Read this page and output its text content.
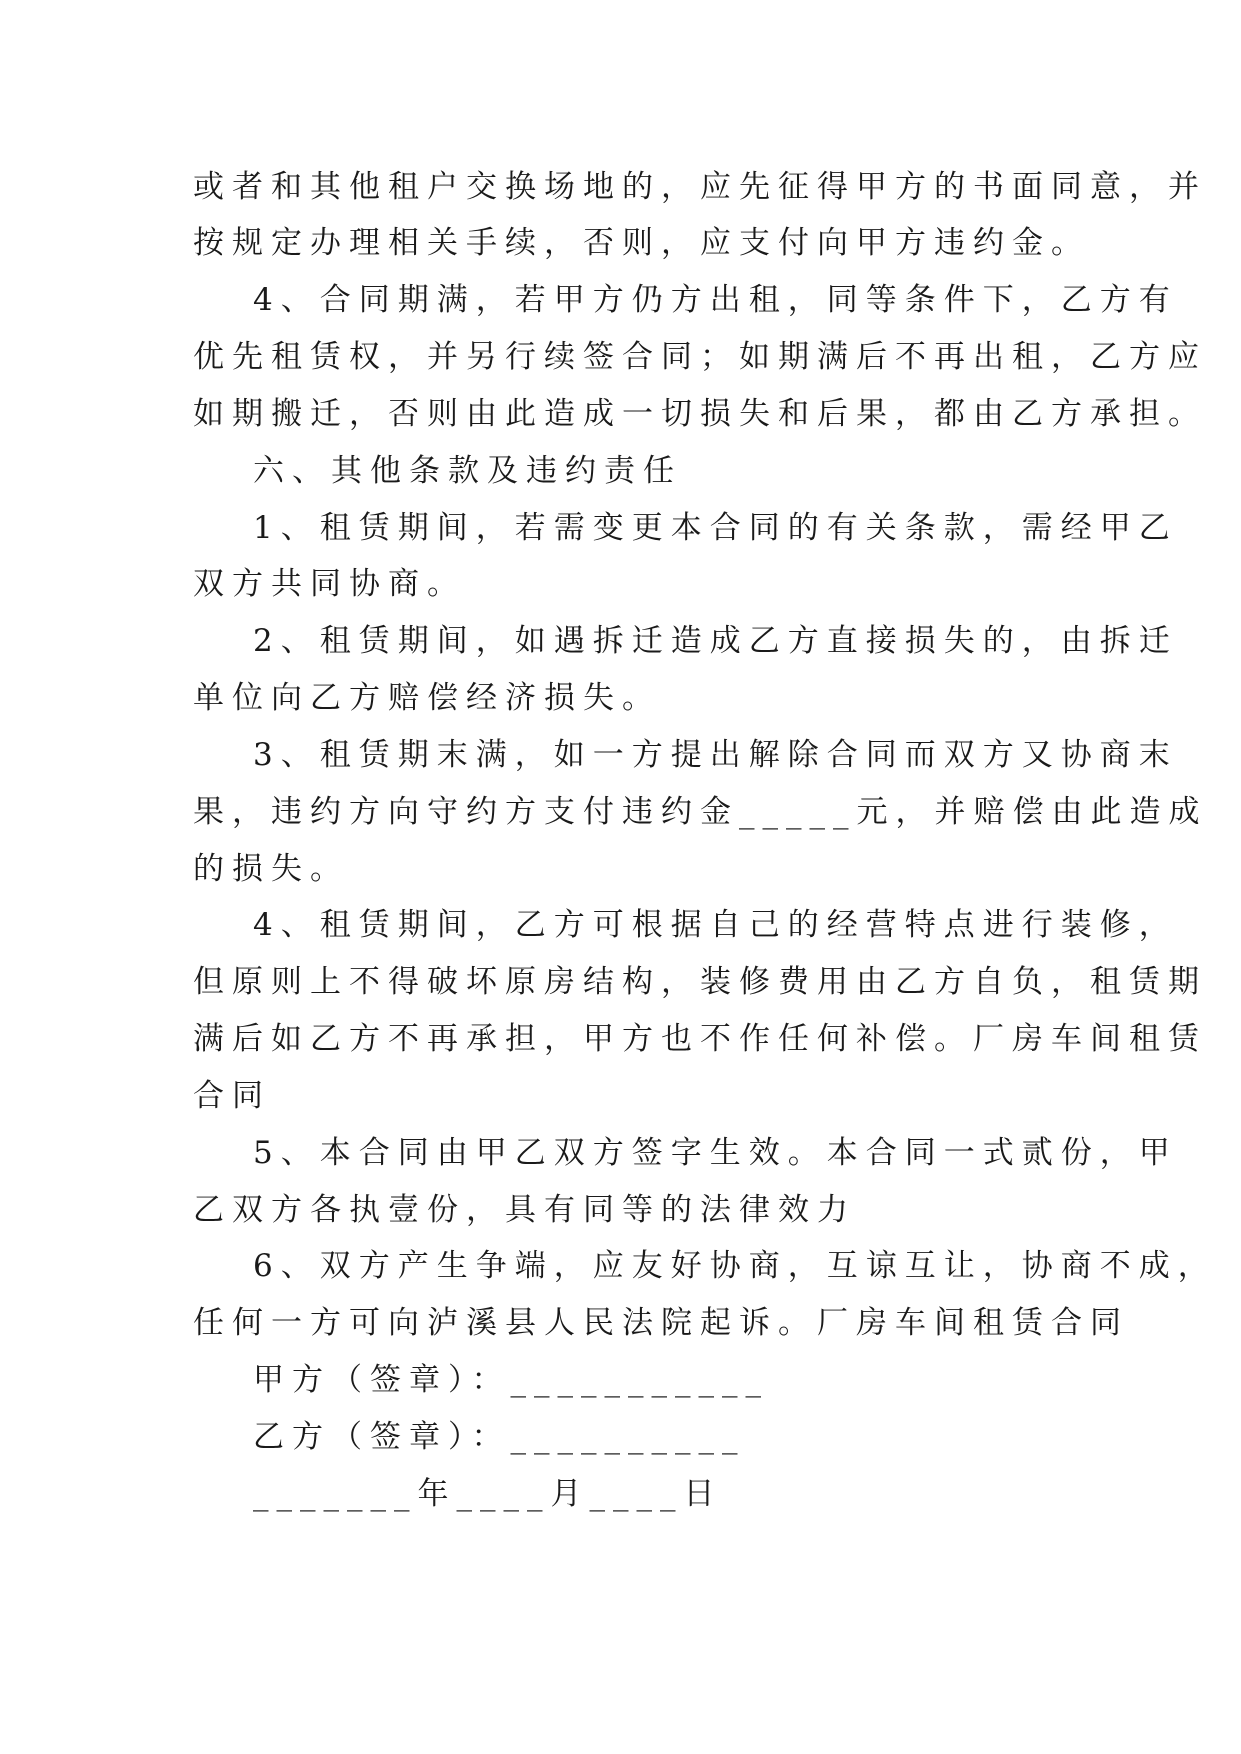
或者和其他租户交换场地的，应先征得甲方的书面同意，并
按规定办理相关手续，否则，应支付向甲方违约金。
4、合同期满，若甲方仍方出租，同等条件下，乙方有
优先租赁权，并另行续签合同；如期满后不再出租，乙方应
如期搬迁，否则由此造成一切损失和后果，都由乙方承担。
六、其他条款及违约责任
1、租赁期间，若需变更本合同的有关条款，需经甲乙
双方共同协商。
2、租赁期间，如遇拆迁造成乙方直接损失的，由拆迁
单位向乙方赔偿经济损失。
3、租赁期末满，如一方提出解除合同而双方又协商末
果，违约方向守约方支付违约金_____元，并赔偿由此造成
的损失。
4、租赁期间，乙方可根据自己的经营特点进行装修，
但原则上不得破坏原房结构，装修费用由乙方自负，租赁期
满后如乙方不再承担，甲方也不作任何补偿。厂房车间租赁
合同
5、本合同由甲乙双方签字生效。本合同一式贰份，甲
乙双方各执壹份，具有同等的法律效力
6、双方产生争端，应友好协商，互谅互让，协商不成，
任何一方可向泸溪县人民法院起诉。厂房车间租赁合同
甲方（签章）：___________
乙方（签章）：__________
_______年____月____日
